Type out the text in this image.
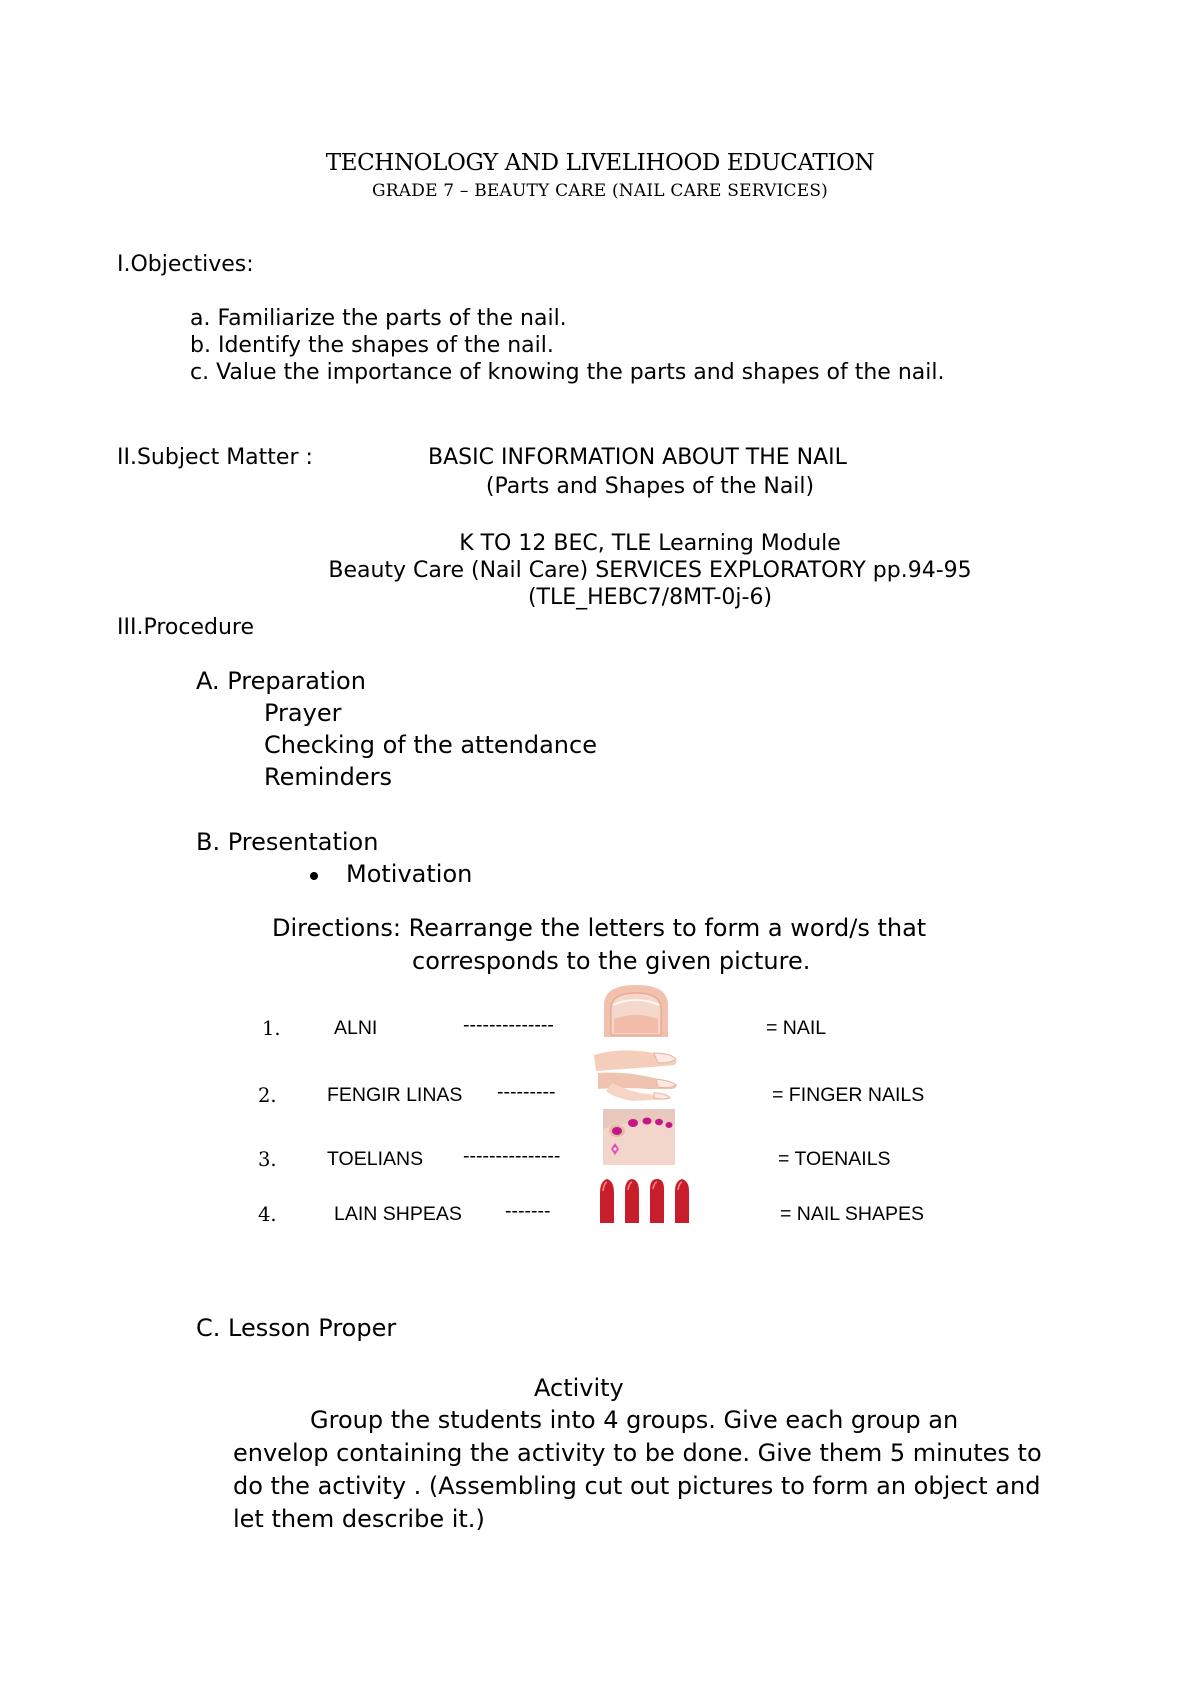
TECHNOLOGY AND LIVELIHOOD EDUCATION
GRADE 7 – BEAUTY CARE (NAIL CARE SERVICES)
I.Objectives:
a. Familiarize the parts of the nail.
b. Identify the shapes of the nail.
c. Value the importance of knowing the parts and shapes of the nail.
II.Subject Matter :	BASIC INFORMATION ABOUT THE NAIL
(Parts and Shapes of the Nail)
K TO 12 BEC, TLE Learning Module
Beauty Care (Nail Care) SERVICES EXPLORATORY pp.94-95
(TLE_HEBC7/8MT-0j-6)
III.Procedure
A. Preparation
Prayer
Checking of the attendance
Reminders
B. Presentation
Motivation
Directions: Rearrange the letters to form a word/s that
corresponds to the given picture.
1.	ALNI	--------------	= NAIL
2.	FENGIR LINAS ---------	= FINGER NAILS
3.	TOELIANS ---------------	= TOENAILS
4.	LAIN SHPEAS -------	= NAIL SHAPES
C. Lesson Proper
Activity
Group the students into 4 groups. Give each group an
envelop containing the activity to be done. Give them 5 minutes to do the activity . (Assembling cut out pictures to form an object and let them describe it.)
